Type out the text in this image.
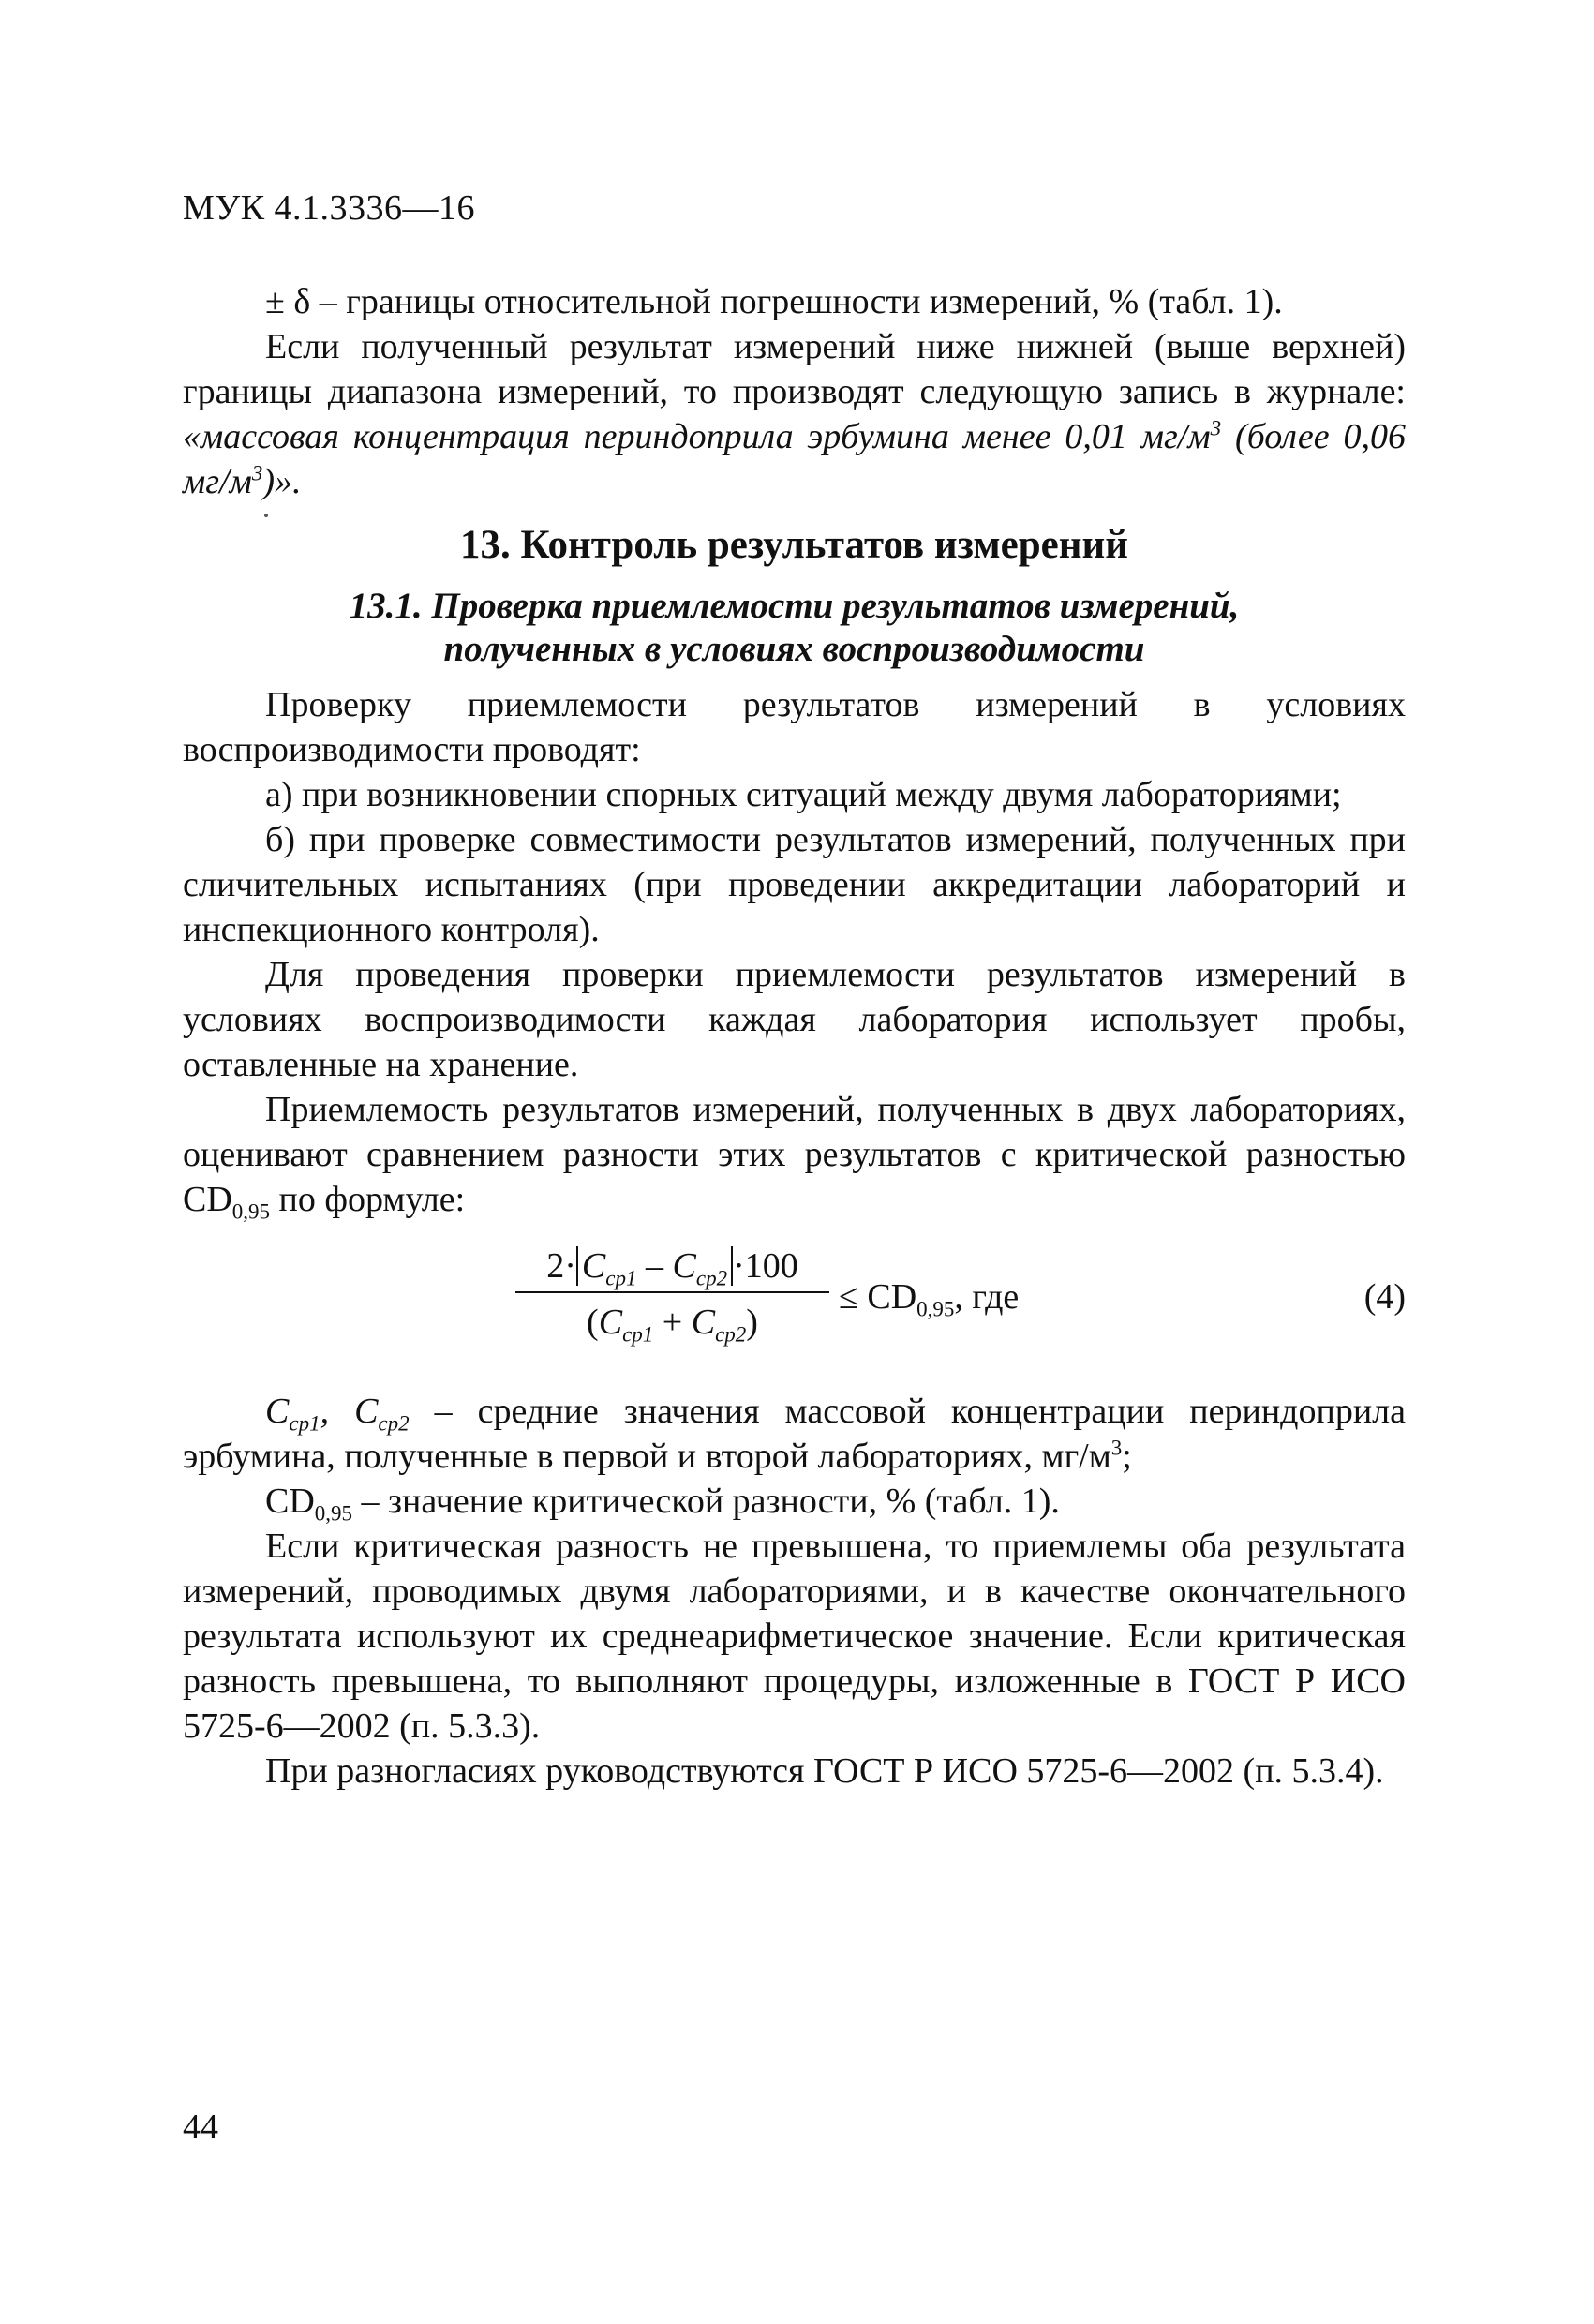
МУК 4.1.3336—16

± δ – границы относительной погрешности измерений, % (табл. 1).

Если полученный результат измерений ниже нижней (выше верхней) границы диапазона измерений, то производят следующую запись в журнале: «массовая концентрация периндоприла эрбумина менее 0,01 $мг/м^3$ (более 0,06 $мг/м^3$)».

13. Контроль результатов измерений
13.1. Проверка приемлемости результатов измерений,
полученных в условиях воспроизводимости

Проверку приемлемости результатов измерений в условиях воспроизводимости проводят:

а) при возникновении спорных ситуаций между двумя лабораториями;

б) при проверке совместимости результатов измерений, полученных при сличительных испытаниях (при проведении аккредитации лабораторий и инспекционного контроля).

Для проведения проверки приемлемости результатов измерений в условиях воспроизводимости каждая лаборатория использует пробы, оставленные на хранение.

Приемлемость результатов измерений, полученных в двух лабораториях, оценивают сравнением разности этих результатов с критической разностью $CD_{0,95}$ по формуле:

$2\cdot C_{cp1} - C_{cp2} \cdot 100$
$(C_{cp1} + C_{cp2})$
≤ $CD_{0,95}$, где	(4)

$C_{cp1}$, $C_{cp2}$ – средние значения массовой концентрации периндоприла эрбумина, полученные в первой и второй лабораториях, $мг/м^3$;

$CD_{0,95}$ – значение критической разности, % (табл. 1).

Если критическая разность не превышена, то приемлемы оба результата измерений, проводимых двумя лабораториями, и в качестве окончательного результата используют их среднеарифметическое значение. Если критическая разность превышена, то выполняют процедуры, изложенные в ГОСТ Р ИСО 5725-6—2002 (п. 5.3.3).

При разногласиях руководствуются ГОСТ Р ИСО 5725-6—2002 (п. 5.3.4).

44
